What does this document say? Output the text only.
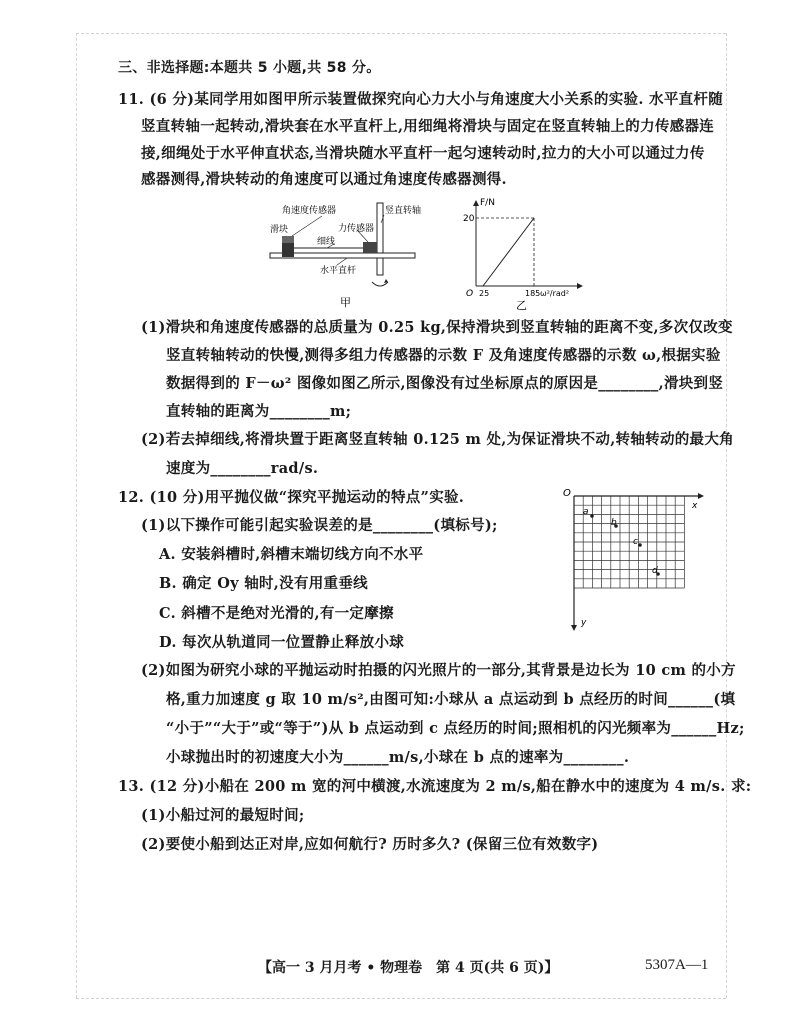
三、非选择题:本题共 5 小题,共 58 分。
11. (6 分)某同学用如图甲所示装置做探究向心力大小与角速度大小关系的实验. 水平直杆随
竖直转轴一起转动,滑块套在水平直杆上,用细绳将滑块与固定在竖直转轴上的力传感器连
接,细绳处于水平伸直状态,当滑块随水平直杆一起匀速转动时,拉力的大小可以通过力传
感器测得,滑块转动的角速度可以通过角速度传感器测得.
角速度传感器	竖直转轴
滑块	力传感器
细线
水平直杆
甲
F/N
20
O 25	185 ω²/rad²
乙
(1)滑块和角速度传感器的总质量为 0.25 kg,保持滑块到竖直转轴的距离不变,多次仅改变
竖直转轴转动的快慢,测得多组力传感器的示数 F 及角速度传感器的示数 ω,根据实验
数据得到的 F－ω² 图像如图乙所示,图像没有过坐标原点的原因是________,滑块到竖
直转轴的距离为________m;
(2)若去掉细线,将滑块置于距离竖直转轴 0.125 m 处,为保证滑块不动,转轴转动的最大角
速度为________rad/s.
12. (10 分)用平抛仪做“探究平抛运动的特点”实验.
(1)以下操作可能引起实验误差的是________(填标号);
A. 安装斜槽时,斜槽末端切线方向不水平
B. 确定 Oy 轴时,没有用重垂线
C. 斜槽不是绝对光滑的,有一定摩擦
D. 每次从轨道同一位置静止释放小球
O
x
y
a
b
c
d
(2)如图为研究小球的平抛运动时拍摄的闪光照片的一部分,其背景是边长为 10 cm 的小方
格,重力加速度 g 取 10 m/s²,由图可知:小球从 a 点运动到 b 点经历的时间______(填
“小于”“大于”或“等于”)从 b 点运动到 c 点经历的时间;照相机的闪光频率为______Hz;
小球抛出时的初速度大小为______m/s,小球在 b 点的速率为________.
13. (12 分)小船在 200 m 宽的河中横渡,水流速度为 2 m/s,船在静水中的速度为 4 m/s. 求:
(1)小船过河的最短时间;
(2)要使小船到达正对岸,应如何航行? 历时多久? (保留三位有效数字)
【高一 3 月月考 • 物理卷　第 4 页(共 6 页)】	5307A—1
